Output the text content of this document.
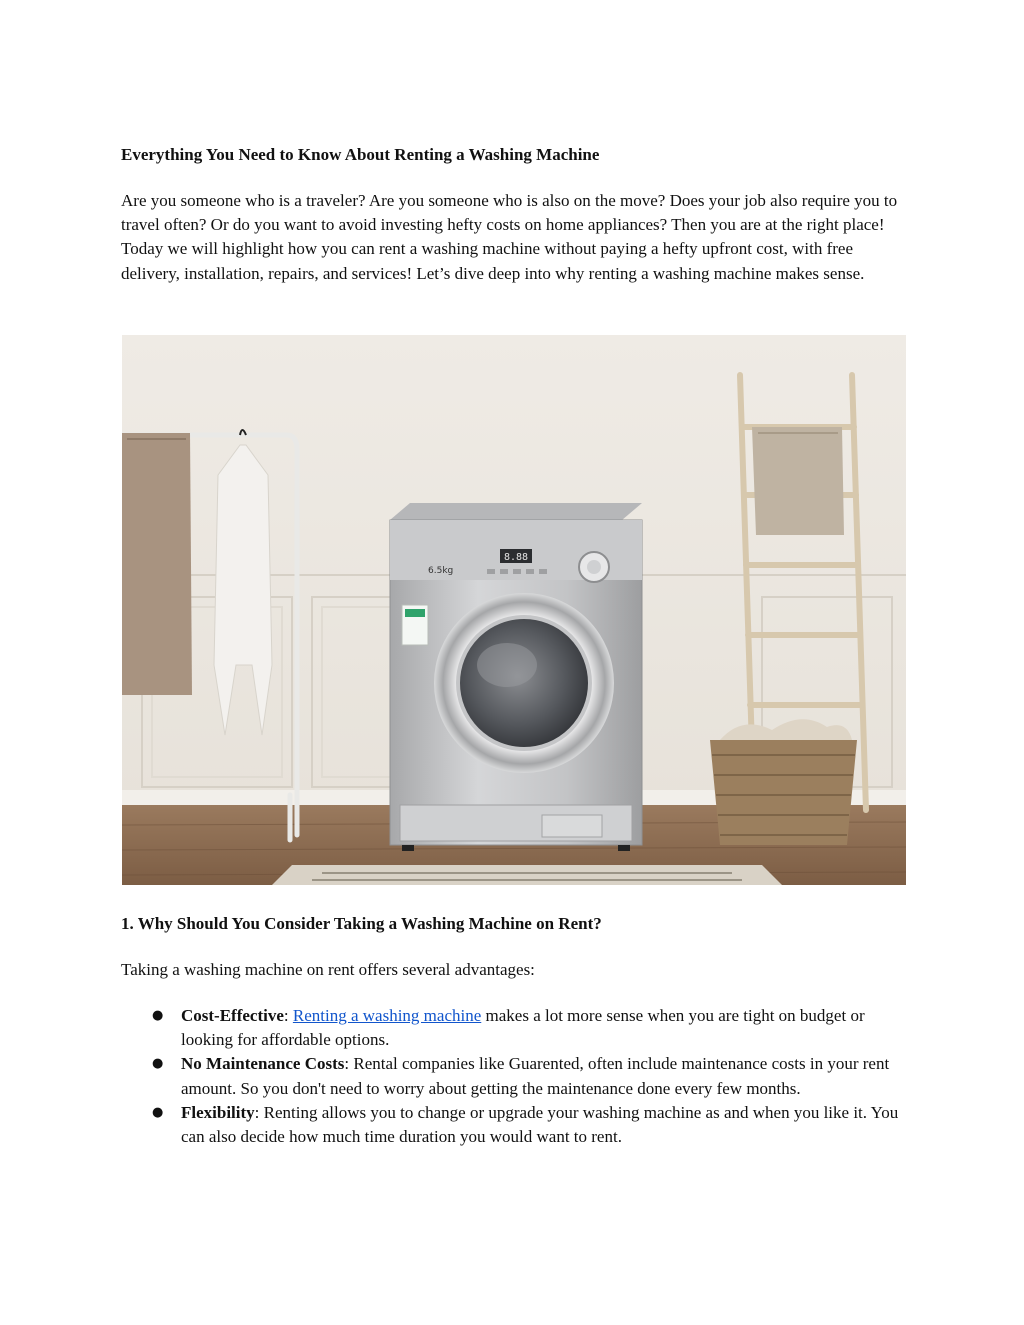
Everything You Need to Know About Renting a Washing Machine

Are you someone who is a traveler? Are you someone who is also on the move? Does your job also require you to travel often? Or do you want to avoid investing hefty costs on home appliances? Then you are at the right place! Today we will highlight how you can rent a washing machine without paying a hefty upfront cost, with free delivery, installation, repairs, and services! Let’s dive deep into why renting a washing machine makes sense.

8.88
6.5kg

1. Why Should You Consider Taking a Washing Machine on Rent?

Taking a washing machine on rent offers several advantages:

● Cost-Effective: Renting a washing machine makes a lot more sense when you are tight on budget or looking for affordable options.
● No Maintenance Costs: Rental companies like Guarented, often include maintenance costs in your rent amount. So you don't need to worry about getting the maintenance done every few months.
● Flexibility: Renting allows you to change or upgrade your washing machine as and when you like it. You can also decide how much time duration you would want to rent.
